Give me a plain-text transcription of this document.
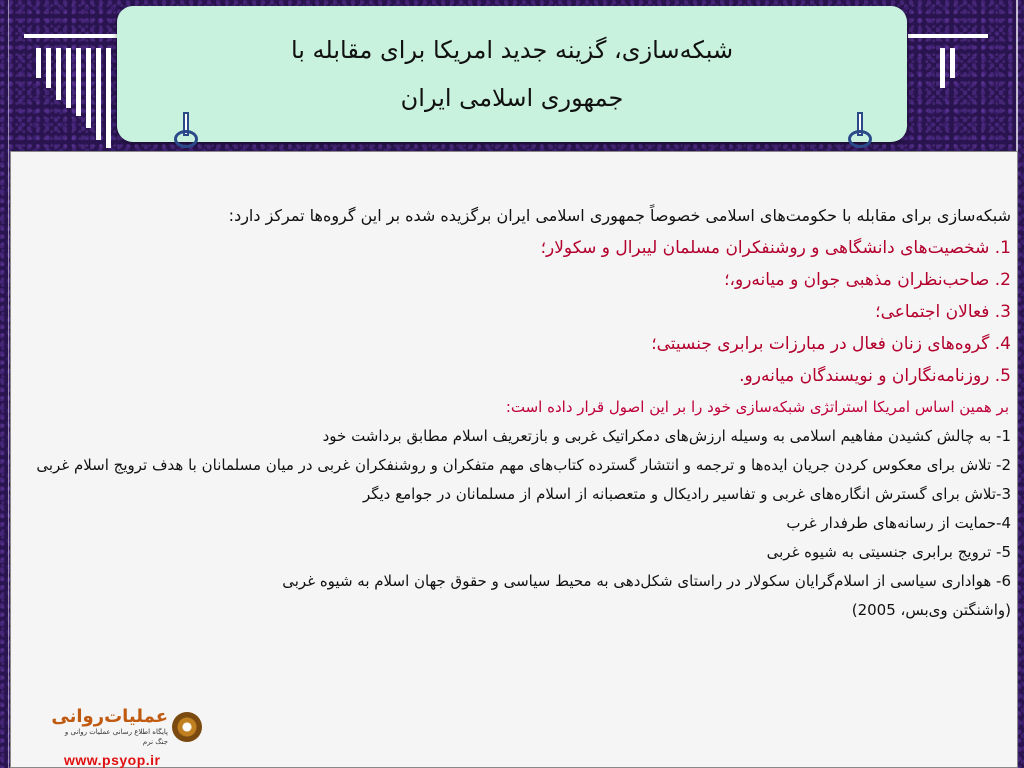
شبکه‌سازی، گزینه جدید امریکا برای مقابله با
جمهوری اسلامی ایران

شبکه‌سازی برای مقابله با حکومت‌های اسلامی خصوصاً جمهوری اسلامی ایران برگزیده شده بر این گروه‌ها تمرکز دارد:

1. شخصیت‌های دانشگاهی و روشنفکران مسلمان لیبرال و سکولار؛

2. صاحب‌نظران مذهبی جوان و میانه‌رو،؛

3. فعالان اجتماعی؛

4. گروه‌های زنان فعال در مبارزات برابری جنسیتی؛

5. روزنامه‌نگاران و نویسندگان میانه‌رو.

بر همین اساس امریکا استراتژی شبکه‌سازی خود را بر این اصول قرار داده است:

1- به چالش کشیدن مفاهیم اسلامی به وسیله ارزش‌های دمکراتیک غربی و بازتعریف اسلام مطابق برداشت خود

2- تلاش برای معکوس کردن جریان ایده‌ها و ترجمه و انتشار گسترده کتاب‌های مهم متفکران و روشنفکران غربی در میان مسلمانان با هدف ترویج اسلام غربی

3-تلاش برای گسترش انگاره‌های غربی و تفاسیر رادیکال و متعصبانه از اسلام از مسلمانان در جوامع دیگر

4-حمایت از رسانه‌های طرفدار غرب

5- ترویج برابری جنسیتی به شیوه غربی

6- هواداری سیاسی از اسلام‌گرایان سکولار در راستای شکل‌دهی به محیط سیاسی و حقوق جهان اسلام به شیوه غربی

(واشنگتن وی‌بس، 2005)

عملیات‌روانی
پایگاه اطلاع رسانی عملیات روانی و جنگ نرم
www.psyop.ir
